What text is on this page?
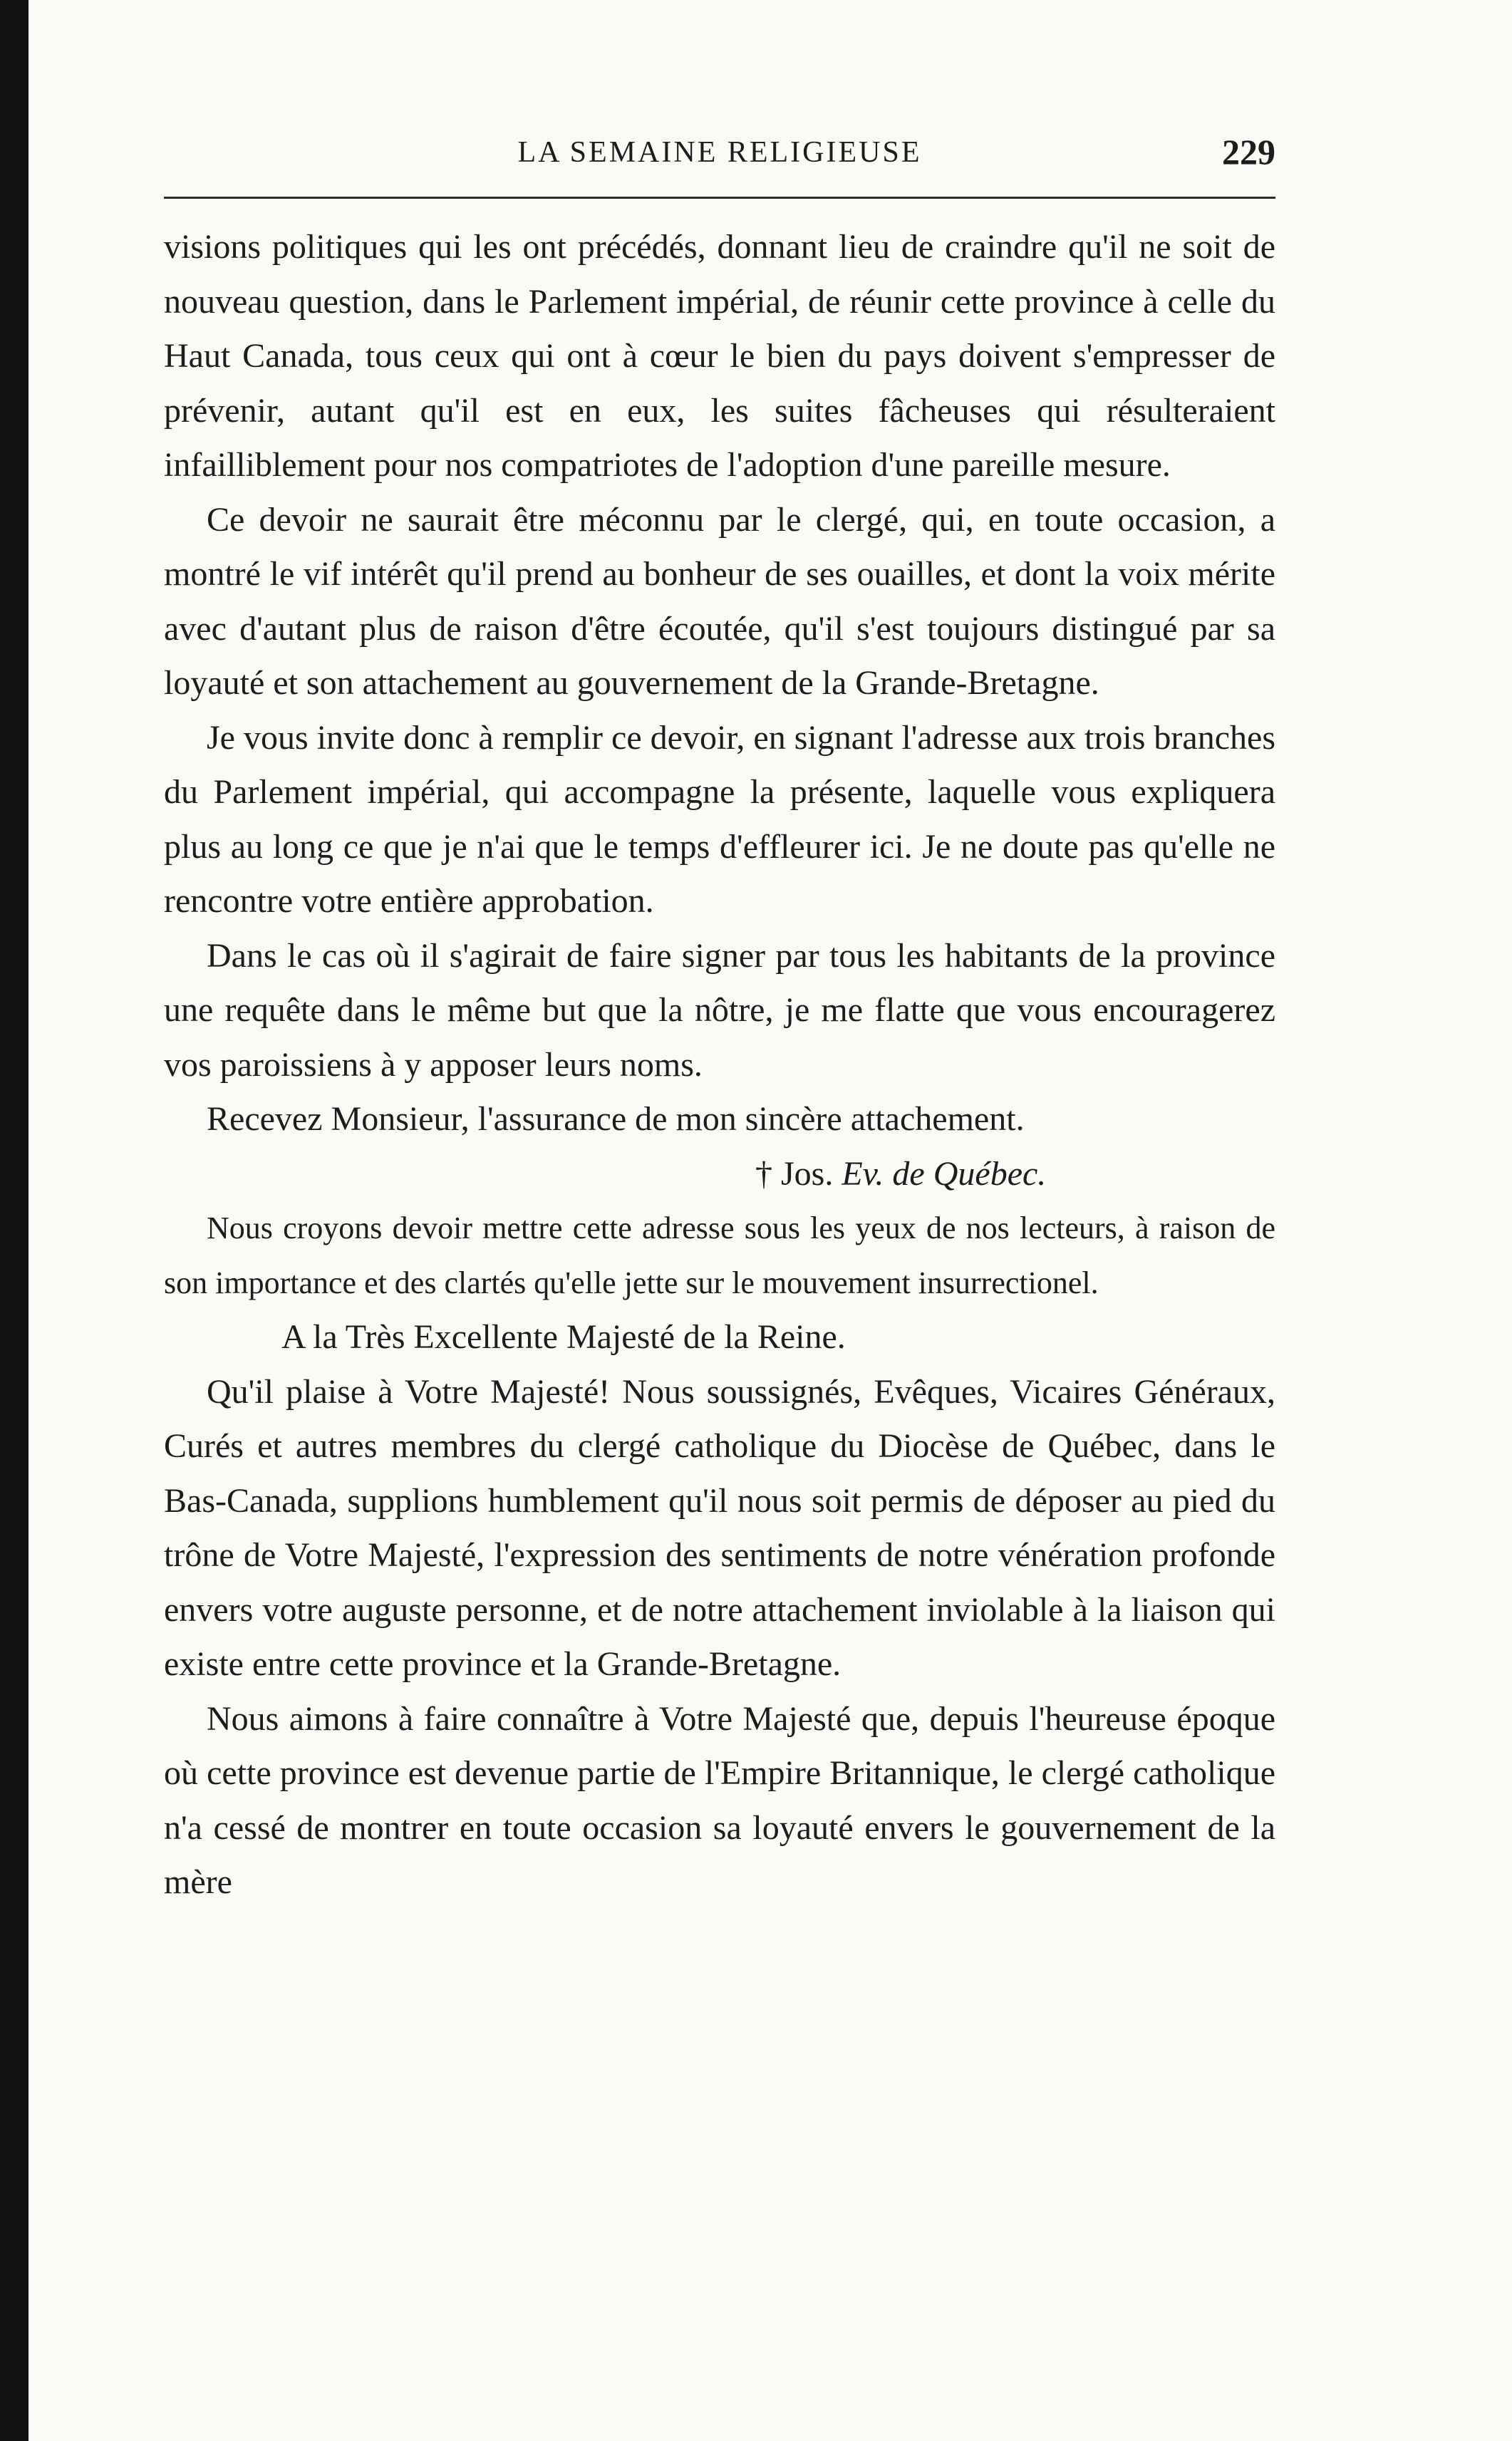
LA SEMAINE RELIGIEUSE	229

visions politiques qui les ont précédés, donnant lieu de craindre qu'il ne soit de nouveau question, dans le Parlement impérial, de réunir cette province à celle du Haut Canada, tous ceux qui ont à cœur le bien du pays doivent s'empresser de prévenir, autant qu'il est en eux, les suites fâcheuses qui résulteraient infailliblement pour nos compatriotes de l'adoption d'une pareille mesure.

Ce devoir ne saurait être méconnu par le clergé, qui, en toute occasion, a montré le vif intérêt qu'il prend au bonheur de ses ouailles, et dont la voix mérite avec d'autant plus de raison d'être écoutée, qu'il s'est toujours distingué par sa loyauté et son attachement au gouvernement de la Grande-Bretagne.

Je vous invite donc à remplir ce devoir, en signant l'adresse aux trois branches du Parlement impérial, qui accompagne la présente, laquelle vous expliquera plus au long ce que je n'ai que le temps d'effleurer ici. Je ne doute pas qu'elle ne rencontre votre entière approbation.

Dans le cas où il s'agirait de faire signer par tous les habitants de la province une requête dans le même but que la nôtre, je me flatte que vous encouragerez vos paroissiens à y apposer leurs noms.

Recevez Monsieur, l'assurance de mon sincère attachement.

† Jos. Ev. de Québec.

Nous croyons devoir mettre cette adresse sous les yeux de nos lecteurs, à raison de son importance et des clartés qu'elle jette sur le mouvement insurrectionel.

A la Très Excellente Majesté de la Reine.

Qu'il plaise à Votre Majesté! Nous soussignés, Evêques, Vicaires Généraux, Curés et autres membres du clergé catholique du Diocèse de Québec, dans le Bas-Canada, supplions humblement qu'il nous soit permis de déposer au pied du trône de Votre Majesté, l'expression des sentiments de notre vénération profonde envers votre auguste personne, et de notre attachement inviolable à la liaison qui existe entre cette province et la Grande-Bretagne.

Nous aimons à faire connaître à Votre Majesté que, depuis l'heureuse époque où cette province est devenue partie de l'Empire Britannique, le clergé catholique n'a cessé de montrer en toute occasion sa loyauté envers le gouvernement de la mère
